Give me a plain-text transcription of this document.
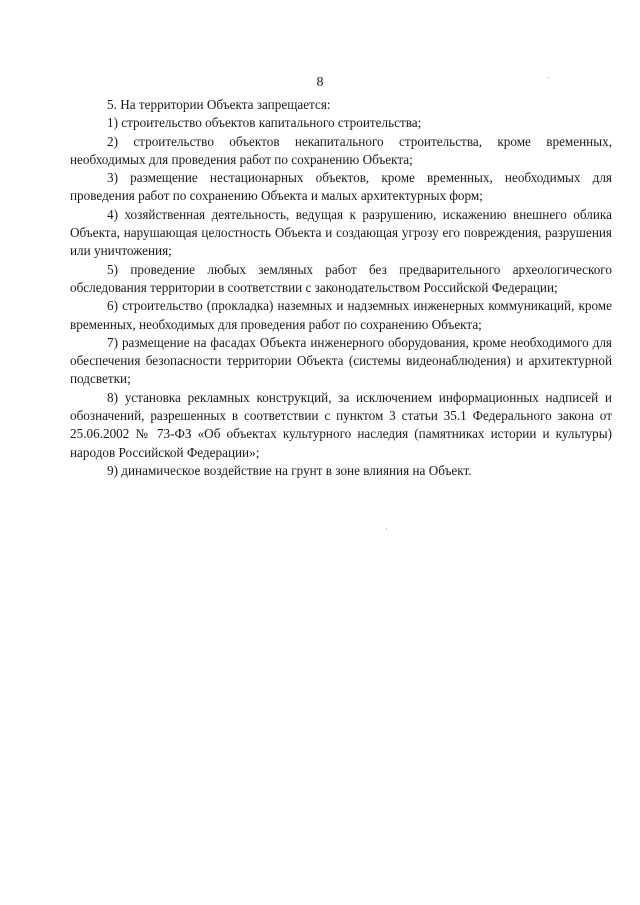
8

5. На территории Объекта запрещается:

1) строительство объектов капитального строительства;

2) строительство объектов некапитального строительства, кроме временных, необходимых для проведения работ по сохранению Объекта;

3) размещение нестационарных объектов, кроме временных, необходимых для проведения работ по сохранению Объекта и малых архитектурных форм;

4) хозяйственная деятельность, ведущая к разрушению, искажению внешнего облика Объекта, нарушающая целостность Объекта и создающая угрозу его повреждения, разрушения или уничтожения;

5) проведение любых земляных работ без предварительного археологического обследования территории в соответствии с законодательством Российской Федерации;

6) строительство (прокладка) наземных и надземных инженерных коммуникаций, кроме временных, необходимых для проведения работ по сохранению Объекта;

7) размещение на фасадах Объекта инженерного оборудования, кроме необходимого для обеспечения безопасности территории Объекта (системы видеонаблюдения) и архитектурной подсветки;

8) установка рекламных конструкций, за исключением информационных надписей и обозначений, разрешенных в соответствии с пунктом 3 статьи 35.1 Федерального закона от 25.06.2002 № 73-ФЗ «Об объектах культурного наследия (памятниках истории и культуры) народов Российской Федерации»;

9) динамическое воздействие на грунт в зоне влияния на Объект.
